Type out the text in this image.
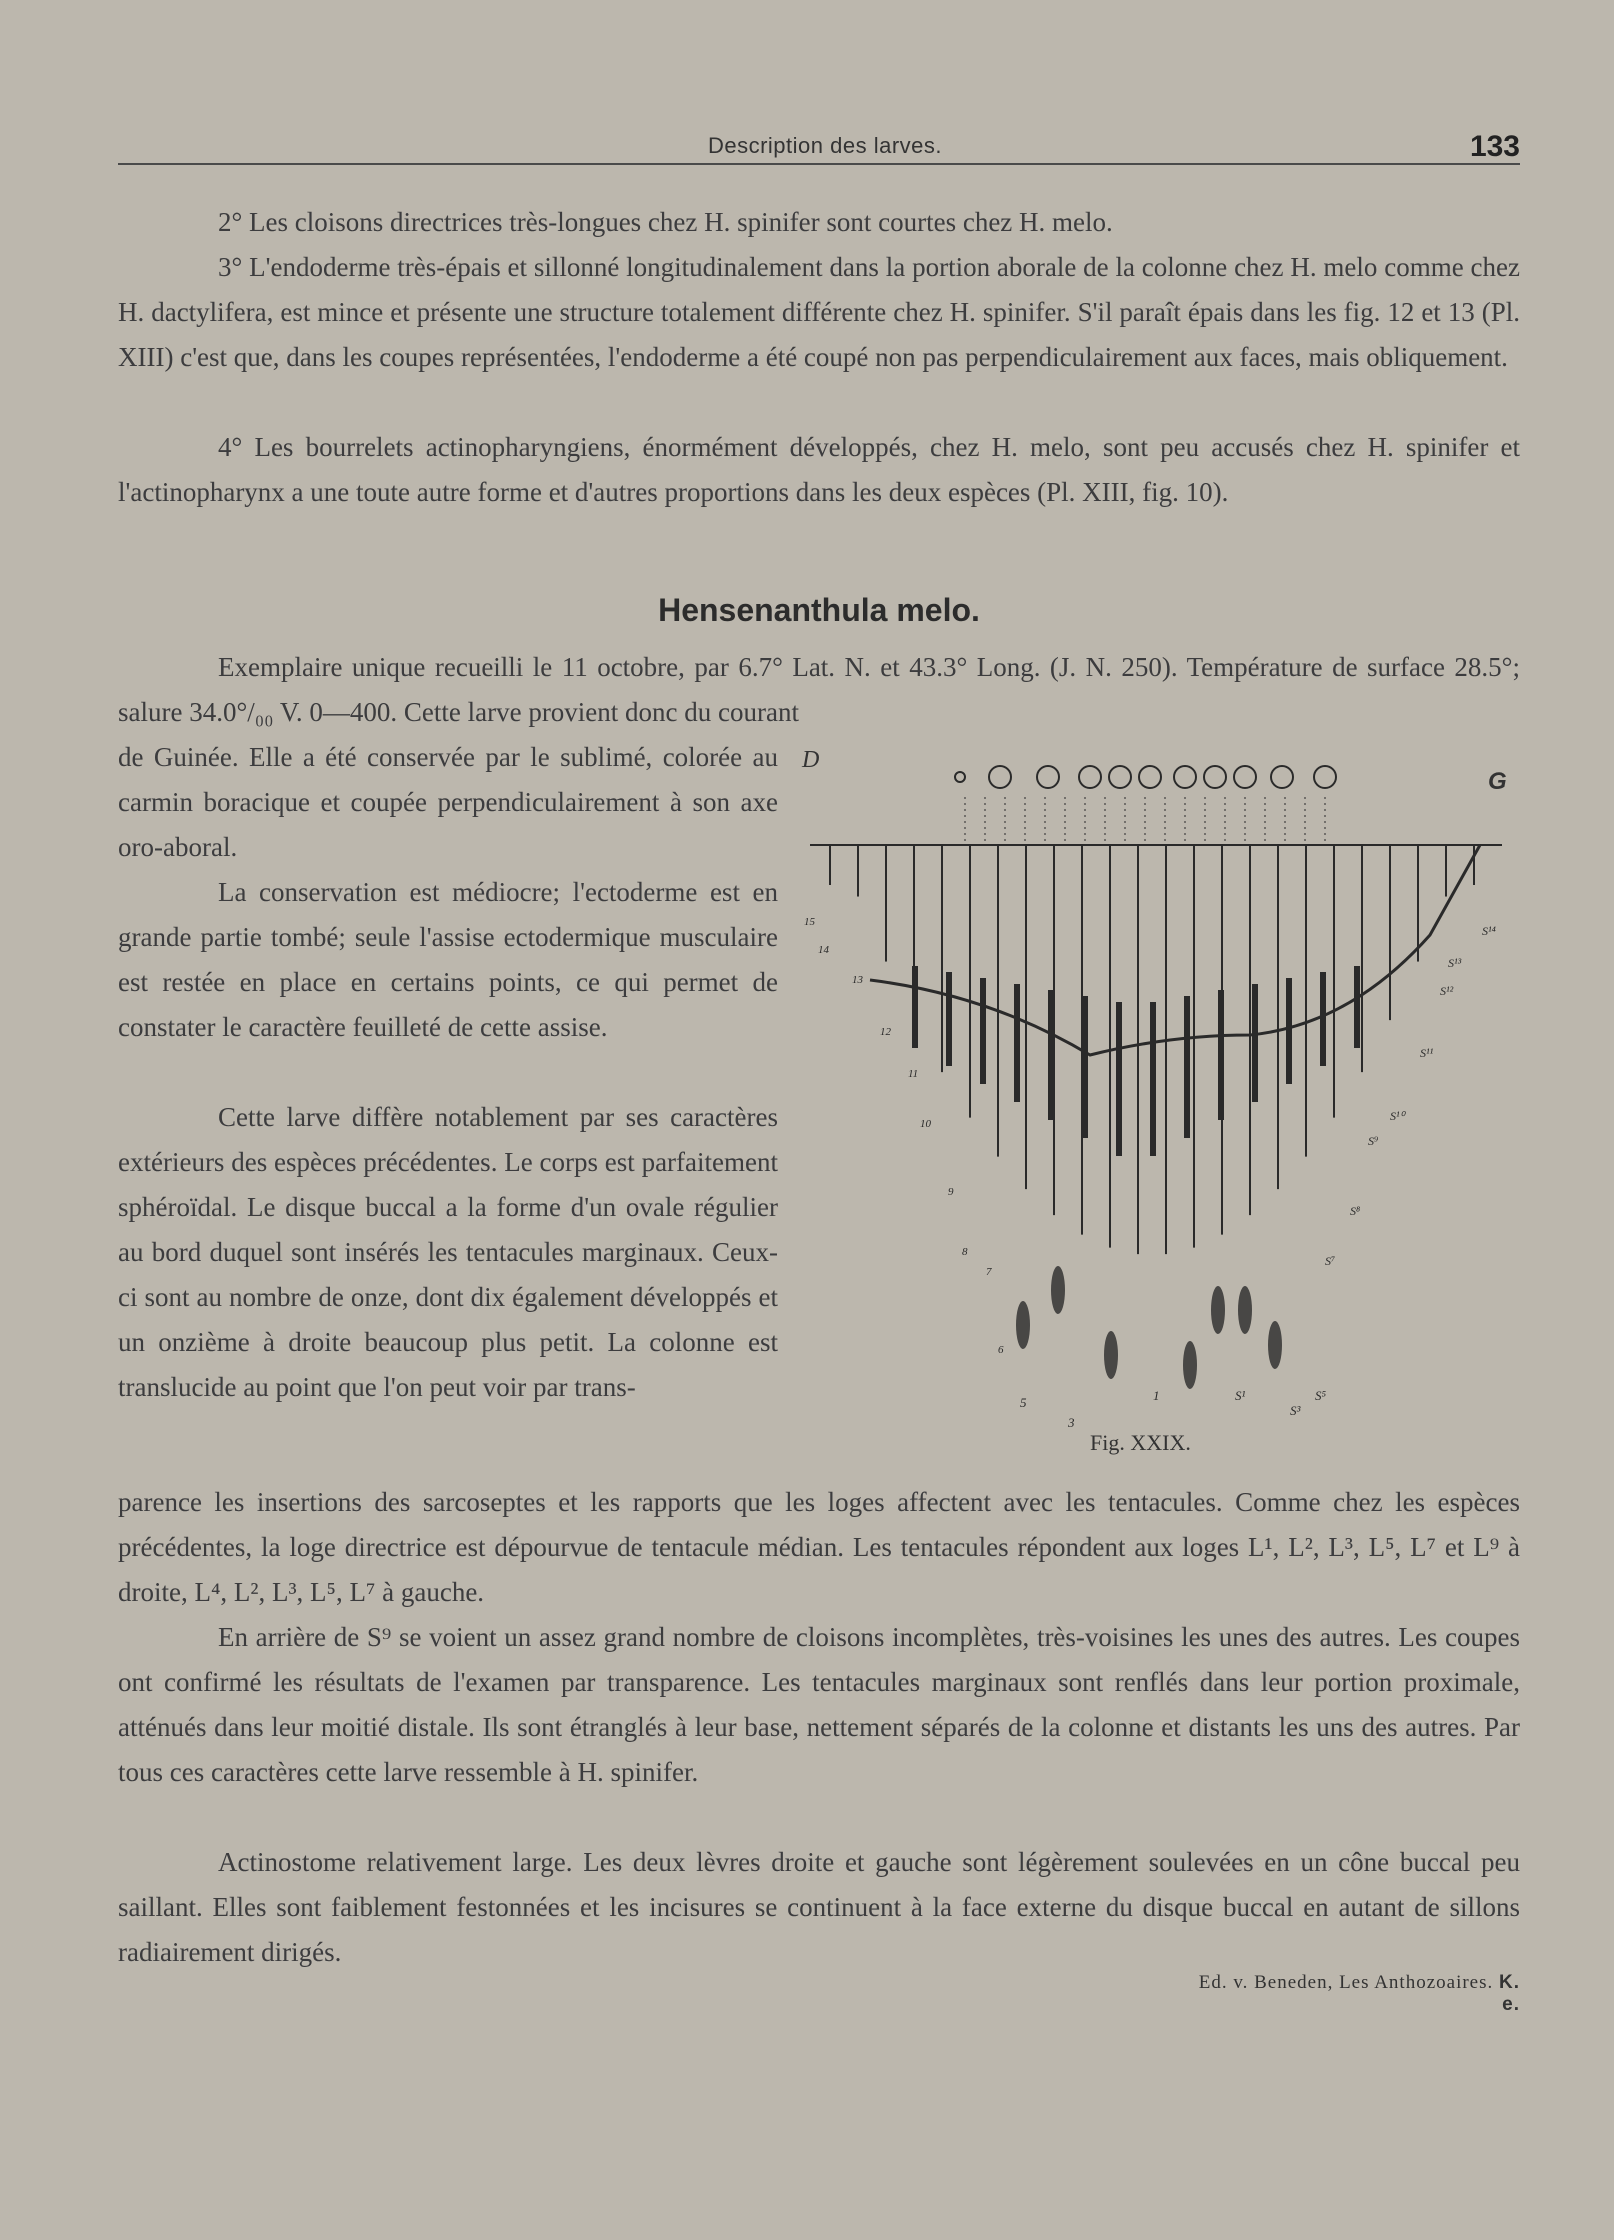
Description des larves.	133
2° Les cloisons directrices très-longues chez H. spinifer sont courtes chez H. melo.
3° L'endoderme très-épais et sillonné longitudinalement dans la portion aborale de la colonne chez H. melo comme chez H. dactylifera, est mince et présente une structure totalement différente chez H. spinifer. S'il paraît épais dans les fig. 12 et 13 (Pl. XIII) c'est que, dans les coupes représentées, l'endoderme a été coupé non pas perpendiculairement aux faces, mais obliquement.
4° Les bourrelets actinopharyngiens, énormément développés, chez H. melo, sont peu accusés chez H. spinifer et l'actinopharynx a une toute autre forme et d'autres proportions dans les deux espèces (Pl. XIII, fig. 10).
Hensenanthula melo.
Exemplaire unique recueilli le 11 octobre, par 6.7° Lat. N. et 43.3° Long. (J. N. 250). Température de surface 28.5°; salure 34.0°/₀₀ V. 0—400. Cette larve provient donc du courant
de Guinée. Elle a été conservée par le sublimé, colorée au carmin boracique et coupée perpendiculairement à son axe oro-aboral.
La conservation est médiocre; l'ectoderme est en grande partie tombé; seule l'assise ectodermique musculaire est restée en place en certains points, ce qui permet de constater le caractère feuilleté de cette assise.
Cette larve diffère notablement par ses caractères extérieurs des espèces précédentes. Le corps est parfaitement sphéroïdal. Le disque buccal a la forme d'un ovale régulier au bord duquel sont insérés les tentacules marginaux. Ceux-ci sont au nombre de onze, dont dix également développés et un onzième à droite beaucoup plus petit. La colonne est translucide au point que l'on peut voir par trans-
D
G
Fig. XXIX.
5
3
1	S¹
S³
S⁵
S¹⁴
S¹³
S¹²
S¹¹
S¹⁰
S⁹
S⁸
S⁷
15
14
13
12
11
10
9
8
7
6
parence les insertions des sarcoseptes et les rapports que les loges affectent avec les tentacules. Comme chez les espèces précédentes, la loge directrice est dépourvue de tentacule médian. Les tentacules répondent aux loges L¹, L², L³, L⁵, L⁷ et L⁹ à droite, L⁴, L², L³, L⁵, L⁷ à gauche.
En arrière de S⁹ se voient un assez grand nombre de cloisons incomplètes, très-voisines les unes des autres. Les coupes ont confirmé les résultats de l'examen par transparence. Les tentacules marginaux sont renflés dans leur portion proximale, atténués dans leur moitié distale. Ils sont étranglés à leur base, nettement séparés de la colonne et distants les uns des autres. Par tous ces caractères cette larve ressemble à H. spinifer.
Actinostome relativement large. Les deux lèvres droite et gauche sont légèrement soulevées en un cône buccal peu saillant. Elles sont faiblement festonnées et les incisures se continuent à la face externe du disque buccal en autant de sillons radiairement dirigés.
Ed. v. Beneden, Les Anthozoaires. K. e.
